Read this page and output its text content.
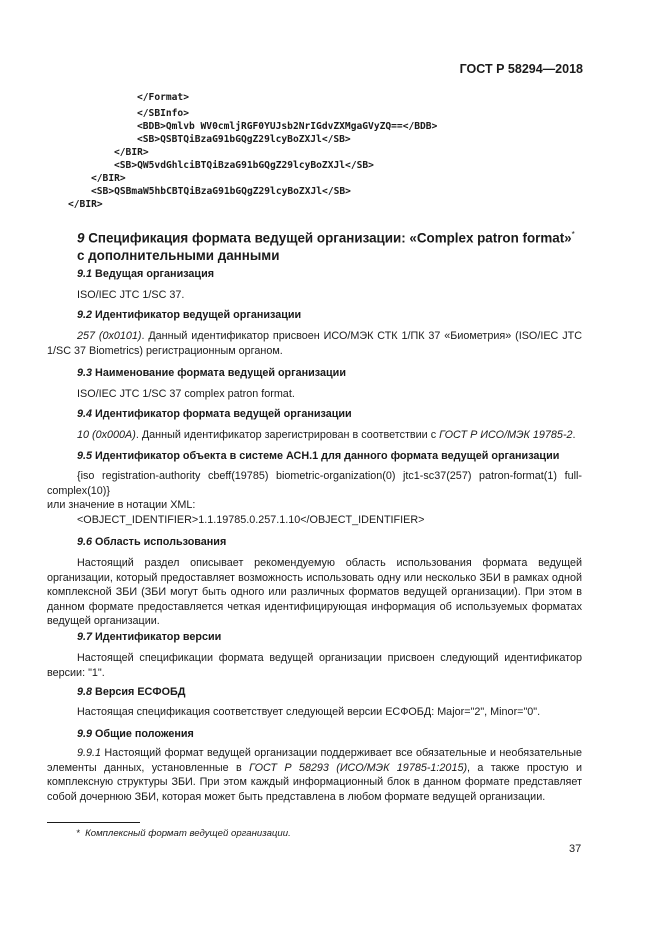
ГОСТ Р 58294—2018
</Format>
</SBInfo>
<BDB>Qmlvb WV0cmljRGF0YUJsb2NrIGdvZXMgaGVyZQ==</BDB>
<SB>QSBTQiBzaG91bGQgZ29lcyBoZXJl</SB>
</BIR>
<SB>QW5vdGhlciBTQiBzaG91bGQgZ29lcyBoZXJl</SB>
</BIR>
<SB>QSBmaW5hbCBTQiBzaG91bGQgZ29lcyBoZXJl</SB>
</BIR>
9 Спецификация формата ведущей организации: «Complex patron format»*
с дополнительными данными
9.1 Ведущая организация
ISO/IEC JTC 1/SC 37.
9.2 Идентификатор ведущей организации
257 (0x0101). Данный идентификатор присвоен ИСО/МЭК СТК 1/ПК 37 «Биометрия» (ISO/IEC JTC 1/SC 37 Biometrics) регистрационным органом.
9.3 Наименование формата ведущей организации
ISO/IEC JTC 1/SC 37 complex patron format.
9.4 Идентификатор формата ведущей организации
10 (0x000A). Данный идентификатор зарегистрирован в соответствии с ГОСТ Р ИСО/МЭК 19785-2.
9.5 Идентификатор объекта в системе АСН.1 для данного формата ведущей организации
{iso registration-authority cbeff(19785) biometric-organization(0) jtc1-sc37(257) patron-format(1) full-complex(10)}
или значение в нотации XML:
<OBJECT_IDENTIFIER>1.1.19785.0.257.1.10</OBJECT_IDENTIFIER>
9.6 Область использования
Настоящий раздел описывает рекомендуемую область использования формата ведущей организации, который предоставляет возможность использовать одну или несколько ЗБИ в рамках одной комплексной ЗБИ (ЗБИ могут быть одного или различных форматов ведущей организации). При этом в данном формате предоставляется четкая идентифицирующая информация об используемых форматах ведущей организации.
9.7 Идентификатор версии
Настоящей спецификации формата ведущей организации присвоен следующий идентификатор версии: "1".
9.8 Версия ЕСФОБД
Настоящая спецификация соответствует следующей версии ЕСФОБД: Major="2", Minor="0".
9.9 Общие положения
9.9.1 Настоящий формат ведущей организации поддерживает все обязательные и необязательные элементы данных, установленные в ГОСТ Р 58293 (ИСО/МЭК 19785-1:2015), а также простую и комплексную структуры ЗБИ. При этом каждый информационный блок в данном формате представляет собой дочернюю ЗБИ, которая может быть представлена в любом формате ведущей организации.
* Комплексный формат ведущей организации.
37
